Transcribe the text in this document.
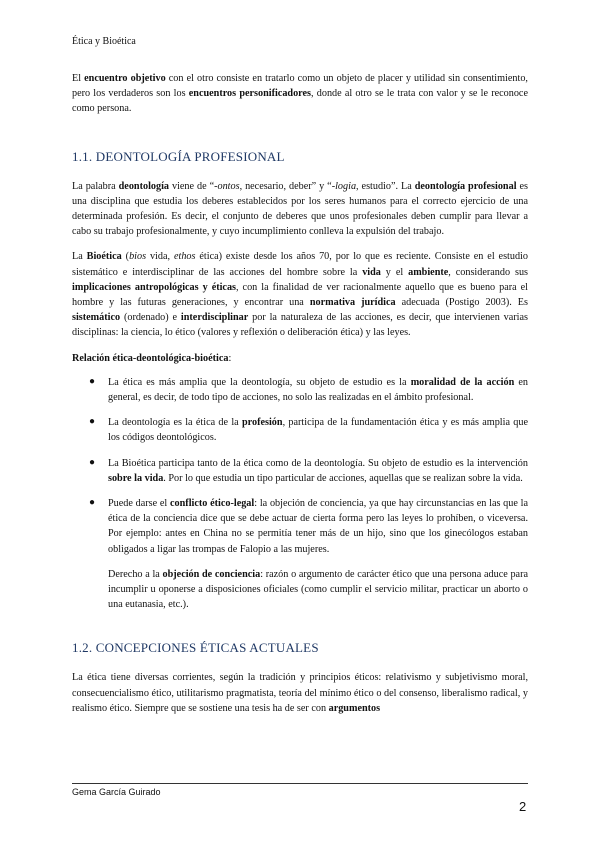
Ética y Bioética

El encuentro objetivo con el otro consiste en tratarlo como un objeto de placer y utilidad sin consentimiento, pero los verdaderos son los encuentros personificadores, donde al otro se le trata con valor y se le reconoce como persona.

1.1. DEONTOLOGÍA PROFESIONAL

La palabra deontología viene de “-ontos, necesario, deber” y “-logia, estudio”. La deontología profesional es una disciplina que estudia los deberes establecidos por los seres humanos para el correcto ejercicio de una determinada profesión. Es decir, el conjunto de deberes que unos profesionales deben cumplir para llevar a cabo su trabajo profesionalmente, y cuyo incumplimiento conlleva la expulsión del trabajo.

La Bioética (bios vida, ethos ética) existe desde los años 70, por lo que es reciente. Consiste en el estudio sistemático e interdisciplinar de las acciones del hombre sobre la vida y el ambiente, considerando sus implicaciones antropológicas y éticas, con la finalidad de ver racionalmente aquello que es bueno para el hombre y las futuras generaciones, y encontrar una normativa jurídica adecuada (Postigo 2003). Es sistemático (ordenado) e interdisciplinar por la naturaleza de las acciones, es decir, que intervienen varias disciplinas: la ciencia, lo ético (valores y reflexión o deliberación ética) y las leyes.

Relación ética-deontológica-bioética:

● La ética es más amplia que la deontología, su objeto de estudio es la moralidad de la acción en general, es decir, de todo tipo de acciones, no solo las realizadas en el ámbito profesional.

● La deontología es la ética de la profesión, participa de la fundamentación ética y es más amplia que los códigos deontológicos.

● La Bioética participa tanto de la ética como de la deontología. Su objeto de estudio es la intervención sobre la vida. Por lo que estudia un tipo particular de acciones, aquellas que se realizan sobre la vida.

● Puede darse el conflicto ético-legal: la objeción de conciencia, ya que hay circunstancias en las que la ética de la conciencia dice que se debe actuar de cierta forma pero las leyes lo prohíben, o viceversa. Por ejemplo: antes en China no se permitía tener más de un hijo, sino que los ginecólogos estaban obligados a ligar las trompas de Falopio a las mujeres.

Derecho a la objeción de conciencia: razón o argumento de carácter ético que una persona aduce para incumplir u oponerse a disposiciones oficiales (como cumplir el servicio militar, practicar un aborto o una eutanasia, etc.).

1.2. CONCEPCIONES ÉTICAS ACTUALES

La ética tiene diversas corrientes, según la tradición y principios éticos: relativismo y subjetivismo moral, consecuencialismo ético, utilitarismo pragmatista, teoría del mínimo ético o del consenso, liberalismo radical, y realismo ético. Siempre que se sostiene una tesis ha de ser con argumentos

Gema García Guirado
2
